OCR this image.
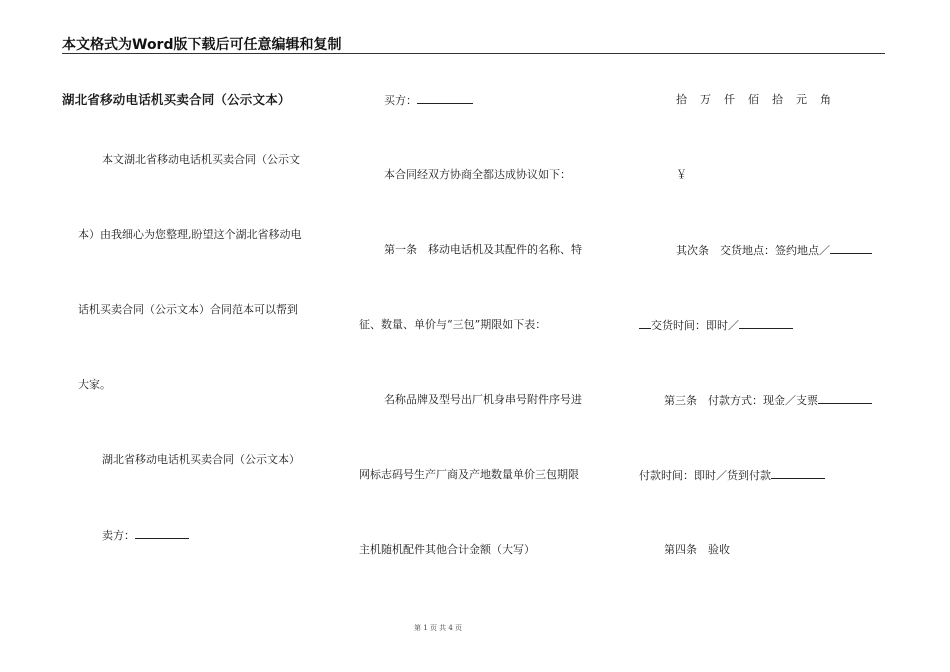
本文格式为Word版下载后可任意编辑和复制
湖北省移动电话机买卖合同（公示文本）
本文湖北省移动电话机买卖合同（公示文
本）由我细心为您整理,盼望这个湖北省移动电
话机买卖合同（公示文本）合同范本可以帮到
大家。
湖北省移动电话机买卖合同（公示文本）
卖方：
买方：
本合同经双方协商全都达成协议如下：
第一条　移动电话机及其配件的名称、特
征、数量、单价与“三包”期限如下表：
名称品牌及型号出厂机身串号附件序号进
网标志码号生产厂商及产地数量单价三包期限
主机随机配件其他合计金额（大写）
拾万仟佰拾元角
￥
其次条　交货地点：签约地点／
交货时间：即时／
第三条　付款方式：现金／支票
付款时间：即时／货到付款
第四条　验收
第 1 页 共 4 页
